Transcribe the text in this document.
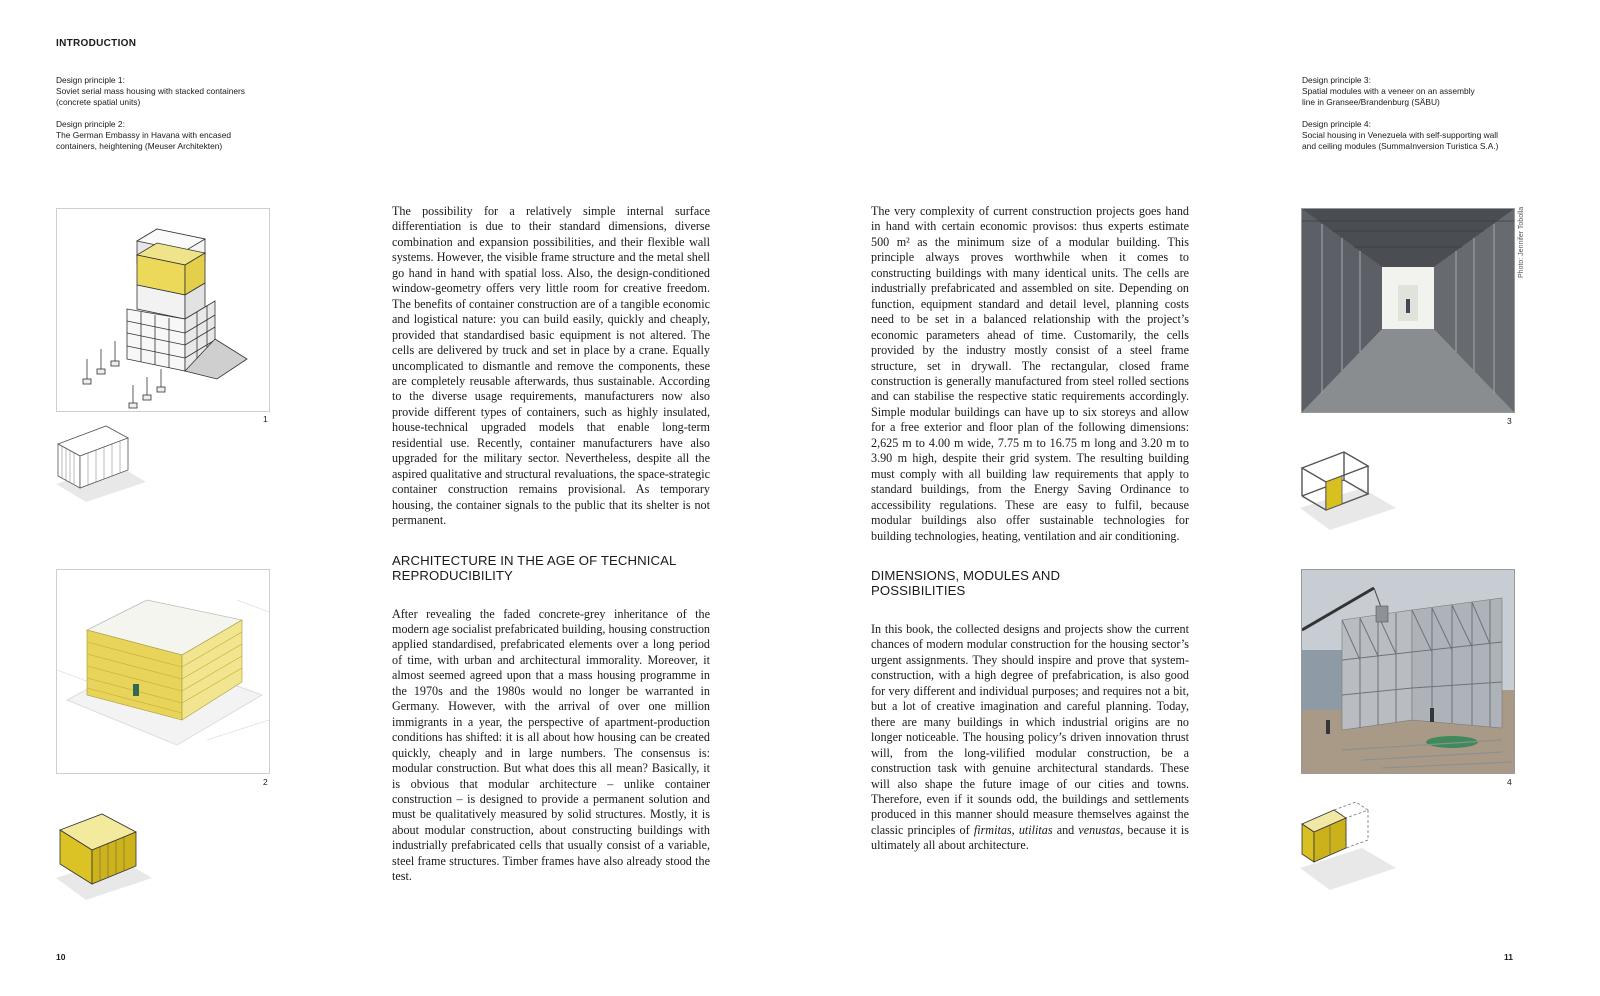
INTRODUCTION
Design principle 1:
Soviet serial mass housing with stacked containers
(concrete spatial units)
Design principle 2:
The German Embassy in Havana with encased
containers, heightening (Meuser Architekten)
Design principle 3:
Spatial modules with a veneer on an assembly
line in Gransee/Brandenburg (SÄBU)
Design principle 4:
Social housing in Venezuela with self-supporting wall
and ceiling modules (SummaInversion Turistica S.A.)
1
2

The possibility for a relatively simple internal surface differentiation is due to their standard dimensions, diverse combination and expansion possibilities, and their flexible wall systems. However, the visible frame structure and the metal shell go hand in hand with spatial loss. Also, the design-conditioned window-geometry offers very little room for creative freedom. The benefits of container construction are of a tangible economic and logistical nature: you can build easily, quickly and cheaply, provided that standardised basic equipment is not altered. The cells are delivered by truck and set in place by a crane. Equally uncomplicated to dismantle and remove the components, these are completely reusable afterwards, thus sustainable. According to the diverse usage requirements, manufacturers now also provide different types of containers, such as highly insulated, house-technical upgraded models that enable long-term residential use. Recently, container manufacturers have also upgraded for the military sector. Nevertheless, despite all the aspired qualitative and structural revaluations, the space-strategic container construction remains provisional. As temporary housing, the container signals to the public that its shelter is not permanent.

ARCHITECTURE IN THE AGE OF TECHNICAL
REPRODUCIBILITY

After revealing the faded concrete-grey inheritance of the modern age socialist prefabricated building, housing construction applied standardised, prefabricated elements over a long period of time, with urban and architectural immorality. Moreover, it almost seemed agreed upon that a mass housing programme in the 1970s and the 1980s would no longer be warranted in Germany. However, with the arrival of over one million immigrants in a year, the perspective of apartment-production conditions has shifted: it is all about how housing can be created quickly, cheaply and in large numbers. The consensus is: modular construction. But what does this all mean? Basically, it is obvious that modular architecture – unlike container construction – is designed to provide a permanent solution and must be qualitatively measured by solid structures. Mostly, it is about modular construction, about constructing buildings with industrially prefabricated cells that usually consist of a variable, steel frame structures. Timber frames have also already stood the test.

The very complexity of current construction projects goes hand in hand with certain economic provisos: thus experts estimate 500 m² as the minimum size of a modular building. This principle always proves worthwhile when it comes to constructing buildings with many identical units. The cells are industrially prefabricated and assembled on site. Depending on function, equipment standard and detail level, planning costs need to be set in a balanced relationship with the project’s economic parameters ahead of time. Customarily, the cells provided by the industry mostly consist of a steel frame structure, set in drywall. The rectangular, closed frame construction is generally manufactured from steel rolled sections and can stabilise the respective static requirements accordingly. Simple modular buildings can have up to six storeys and allow for a free exterior and floor plan of the following dimensions: 2,625 m to 4.00 m wide, 7.75 m to 16.75 m long and 3.20 m to 3.90 m high, despite their grid system. The resulting building must comply with all building law requirements that apply to standard buildings, from the Energy Saving Ordinance to accessibility regulations. These are easy to fulfil, because modular buildings also offer sustainable technologies for building technologies, heating, ventilation and air conditioning.

DIMENSIONS, MODULES AND
POSSIBILITIES

In this book, the collected designs and projects show the current chances of modern modular construction for the housing sector’s urgent assignments. They should inspire and prove that system-construction, with a high degree of prefabrication, is also good for very different and individual purposes; and requires not a bit, but a lot of creative imagination and careful planning. Today, there are many buildings in which industrial origins are no longer noticeable. The housing policy’s driven innovation thrust will, from the long-vilified modular construction, be a construction task with genuine architectural standards. These will also shape the future image of our cities and towns. Therefore, even if it sounds odd, the buildings and settlements produced in this manner should measure themselves against the classic principles of firmitas, utilitas and venustas, because it is ultimately all about architecture.

Photo: Jennifer Tobolla
3
4
10	11
